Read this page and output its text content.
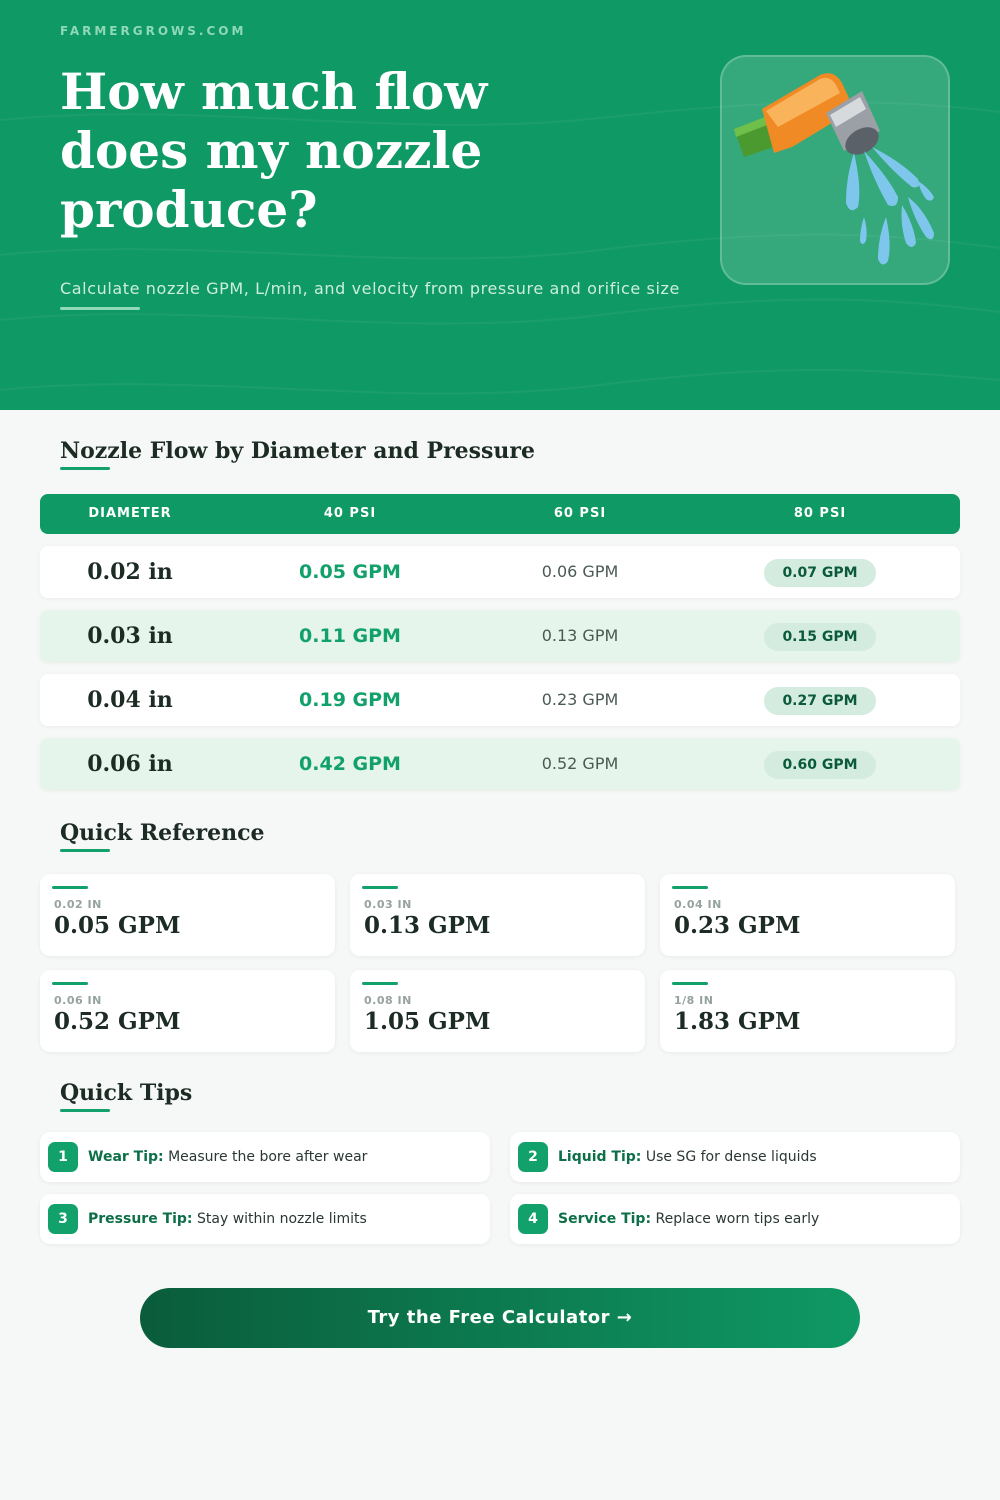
FARMERGROWS.COM
How much flow does my nozzle produce?
Calculate nozzle GPM, L/min, and velocity from pressure and orifice size
Nozzle Flow by Diameter and Pressure
DIAMETER	40 PSI	60 PSI	80 PSI
0.02 in	0.05 GPM	0.06 GPM	0.07 GPM
0.03 in	0.11 GPM	0.13 GPM	0.15 GPM
0.04 in	0.19 GPM	0.23 GPM	0.27 GPM
0.06 in	0.42 GPM	0.52 GPM	0.60 GPM
Quick Reference
0.02 IN
0.05 GPM
0.03 IN
0.13 GPM
0.04 IN
0.23 GPM
0.06 IN
0.52 GPM
0.08 IN
1.05 GPM
1/8 IN
1.83 GPM
Quick Tips
1	Wear Tip: Measure the bore after wear	2	Liquid Tip: Use SG for dense liquids
3	Pressure Tip: Stay within nozzle limits	4	Service Tip: Replace worn tips early
Try the Free Calculator →
